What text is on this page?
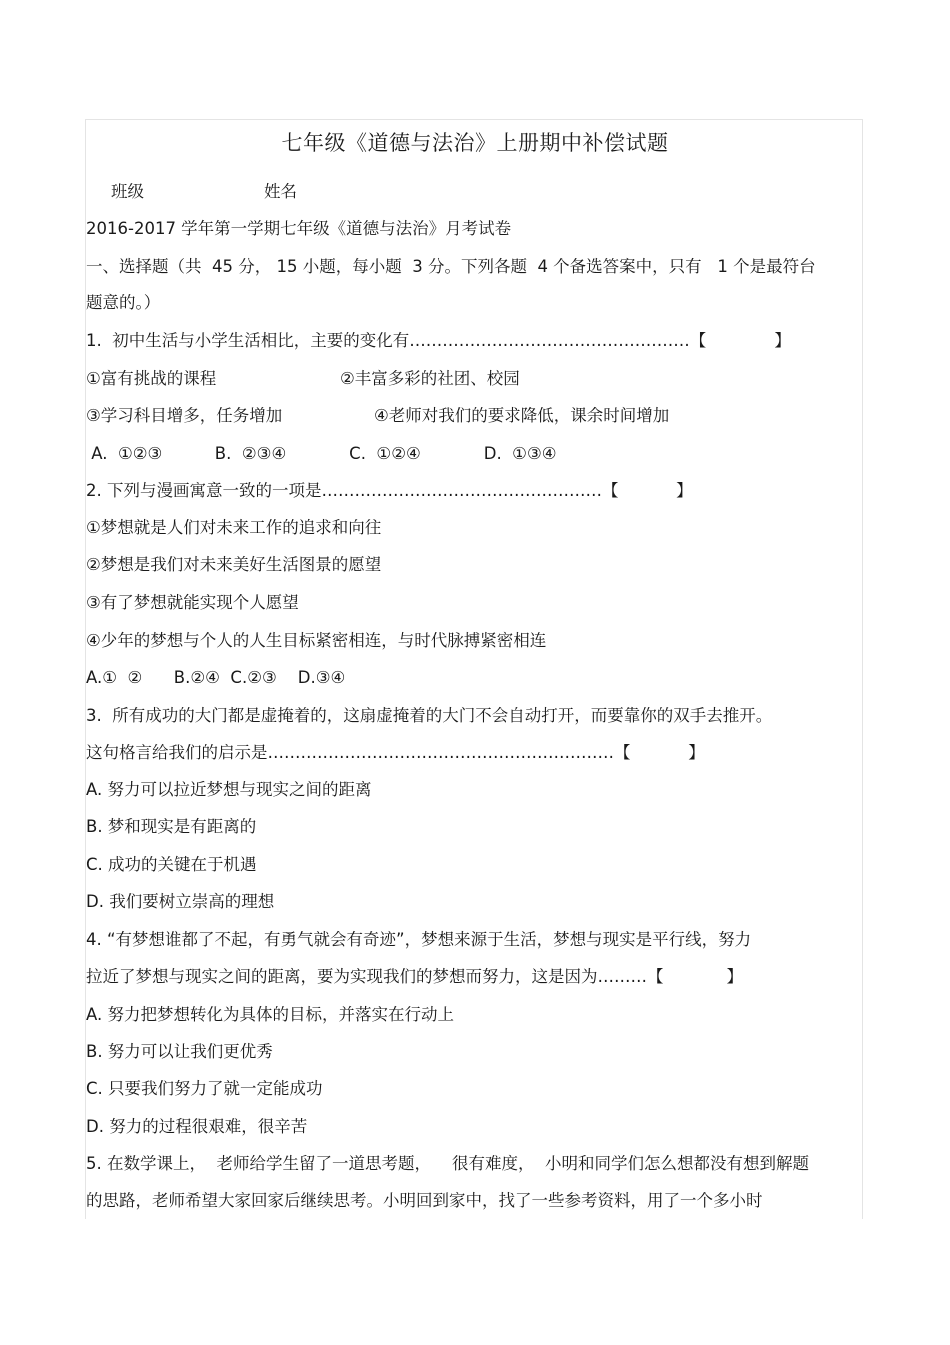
七年级《道德与法治》上册期中补偿试题
班级	姓名
2016-2017 学年第一学期七年级《道德与法治》月考试卷
一、选择题（共  45 分， 15 小题，每小题  3 分。下列各题  4 个备选答案中，只有   1 个是最符台
题意的。）
1.  初中生活与小学生活相比，主要的变化有……………………………………………【             】
①富有挑战的课程	②丰富多彩的社团、校园
③学习科目增多，任务增加	④老师对我们的要求降低，课余时间增加
A.  ①②③          B.  ②③④            C.  ①②④            D.  ①③④
2. 下列与漫画寓意一致的一项是……………………………………………【           】
①梦想就是人们对未来工作的追求和向往
②梦想是我们对未来美好生活图景的愿望
③有了梦想就能实现个人愿望
④少年的梦想与个人的人生目标紧密相连，与时代脉搏紧密相连
A.①  ②      B.②④  C.②③    D.③④
3.  所有成功的大门都是虚掩着的，这扇虚掩着的大门不会自动打开，而要靠你的双手去推开。
这句格言给我们的启示是………………………………………………………【           】
A. 努力可以拉近梦想与现实之间的距离
B. 梦和现实是有距离的
C. 成功的关键在于机遇
D. 我们要树立崇高的理想
4. “有梦想谁都了不起，有勇气就会有奇迹”，梦想来源于生活，梦想与现实是平行线，努力
拉近了梦想与现实之间的距离，要为实现我们的梦想而努力，这是因为………【            】
A. 努力把梦想转化为具体的目标，并落实在行动上
B. 努力可以让我们更优秀
C. 只要我们努力了就一定能成功
D. 努力的过程很艰难，很辛苦
5. 在数学课上，  老师给学生留了一道思考题，    很有难度，  小明和同学们怎么想都没有想到解题
的思路，老师希望大家回家后继续思考。小明回到家中，找了一些参考资料，用了一个多小时
